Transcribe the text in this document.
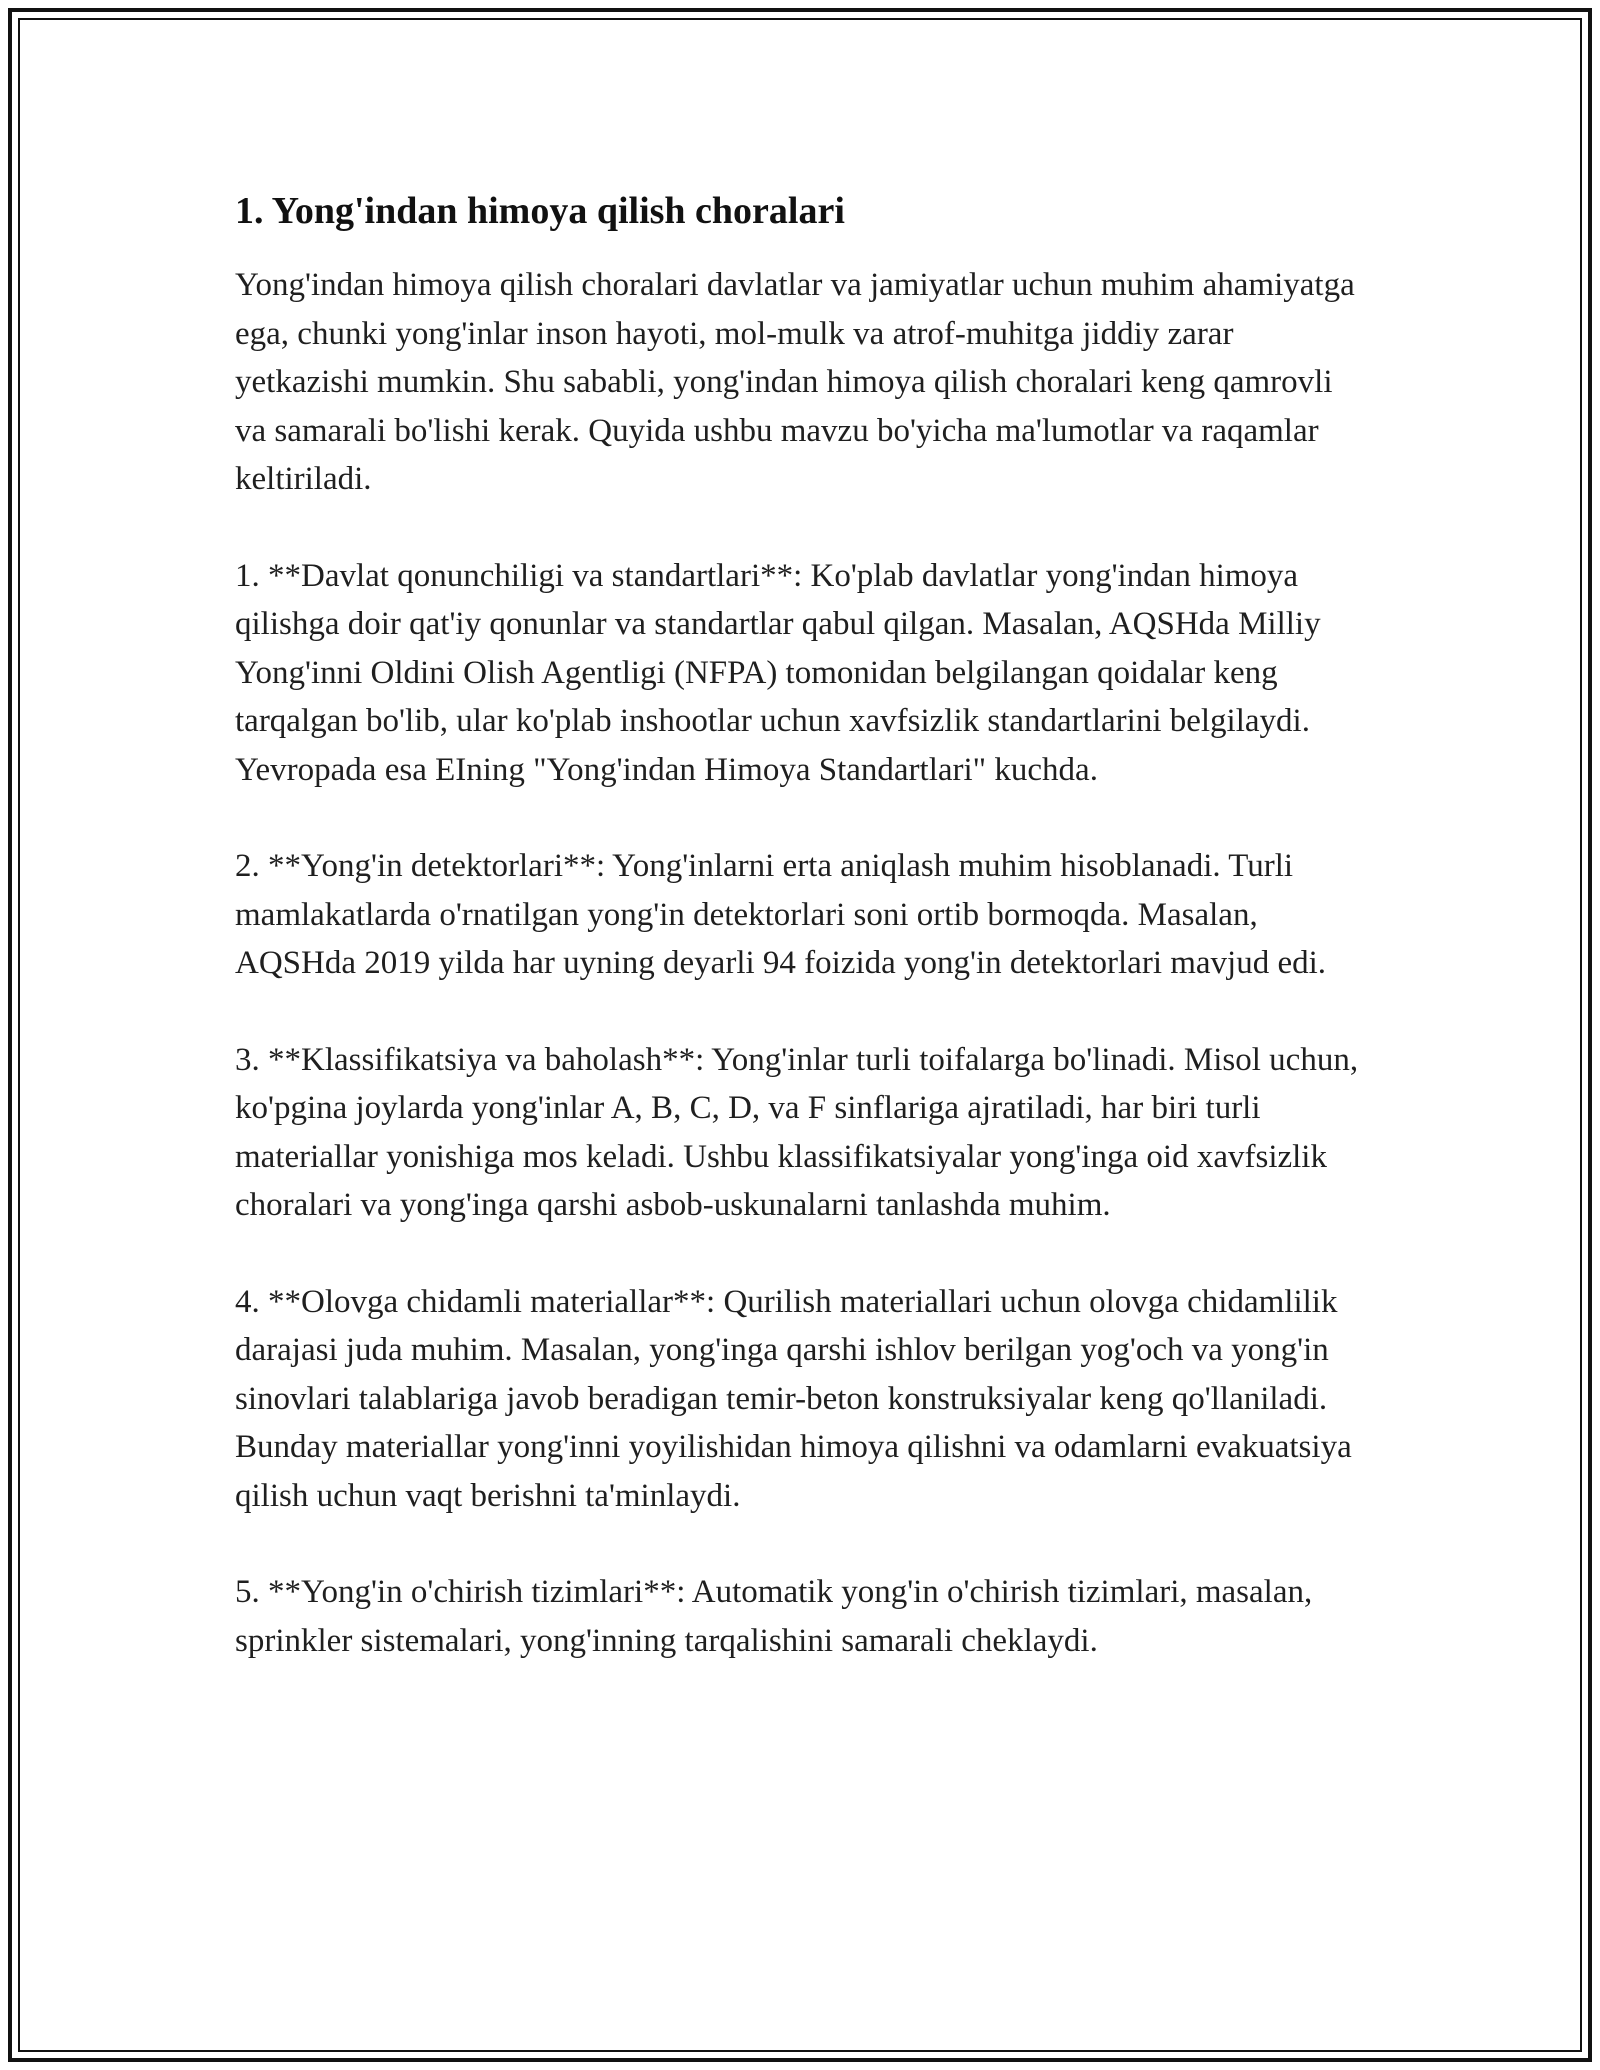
1. Yong'indan himoya qilish choralari

Yong'indan himoya qilish choralari davlatlar va jamiyatlar uchun muhim ahamiyatga ega, chunki yong'inlar inson hayoti, mol-mulk va atrof-muhitga jiddiy zarar yetkazishi mumkin. Shu sababli, yong'indan himoya qilish choralari keng qamrovli va samarali bo'lishi kerak. Quyida ushbu mavzu bo'yicha ma'lumotlar va raqamlar keltiriladi.

1. **Davlat qonunchiligi va standartlari**: Ko'plab davlatlar yong'indan himoya qilishga doir qat'iy qonunlar va standartlar qabul qilgan. Masalan, AQSHda Milliy Yong'inni Oldini Olish Agentligi (NFPA) tomonidan belgilangan qoidalar keng tarqalgan bo'lib, ular ko'plab inshootlar uchun xavfsizlik standartlarini belgilaydi. Yevropada esa EIning "Yong'indan Himoya Standartlari" kuchda.

2. **Yong'in detektorlari**: Yong'inlarni erta aniqlash muhim hisoblanadi. Turli mamlakatlarda o'rnatilgan yong'in detektorlari soni ortib bormoqda. Masalan, AQSHda 2019 yilda har uyning deyarli 94 foizida yong'in detektorlari mavjud edi.

3. **Klassifikatsiya va baholash**: Yong'inlar turli toifalarga bo'linadi. Misol uchun, ko'pgina joylarda yong'inlar A, B, C, D, va F sinflariga ajratiladi, har biri turli materiallar yonishiga mos keladi. Ushbu klassifikatsiyalar yong'inga oid xavfsizlik choralari va yong'inga qarshi asbob-uskunalarni tanlashda muhim.

4. **Olovga chidamli materiallar**: Qurilish materiallari uchun olovga chidamlilik darajasi juda muhim. Masalan, yong'inga qarshi ishlov berilgan yog'och va yong'in sinovlari talablariga javob beradigan temir-beton konstruksiyalar keng qo'llaniladi. Bunday materiallar yong'inni yoyilishidan himoya qilishni va odamlarni evakuatsiya qilish uchun vaqt berishni ta'minlaydi.

5. **Yong'in o'chirish tizimlari**: Automatik yong'in o'chirish tizimlari, masalan, sprinkler sistemalari, yong'inning tarqalishini samarali cheklaydi.
